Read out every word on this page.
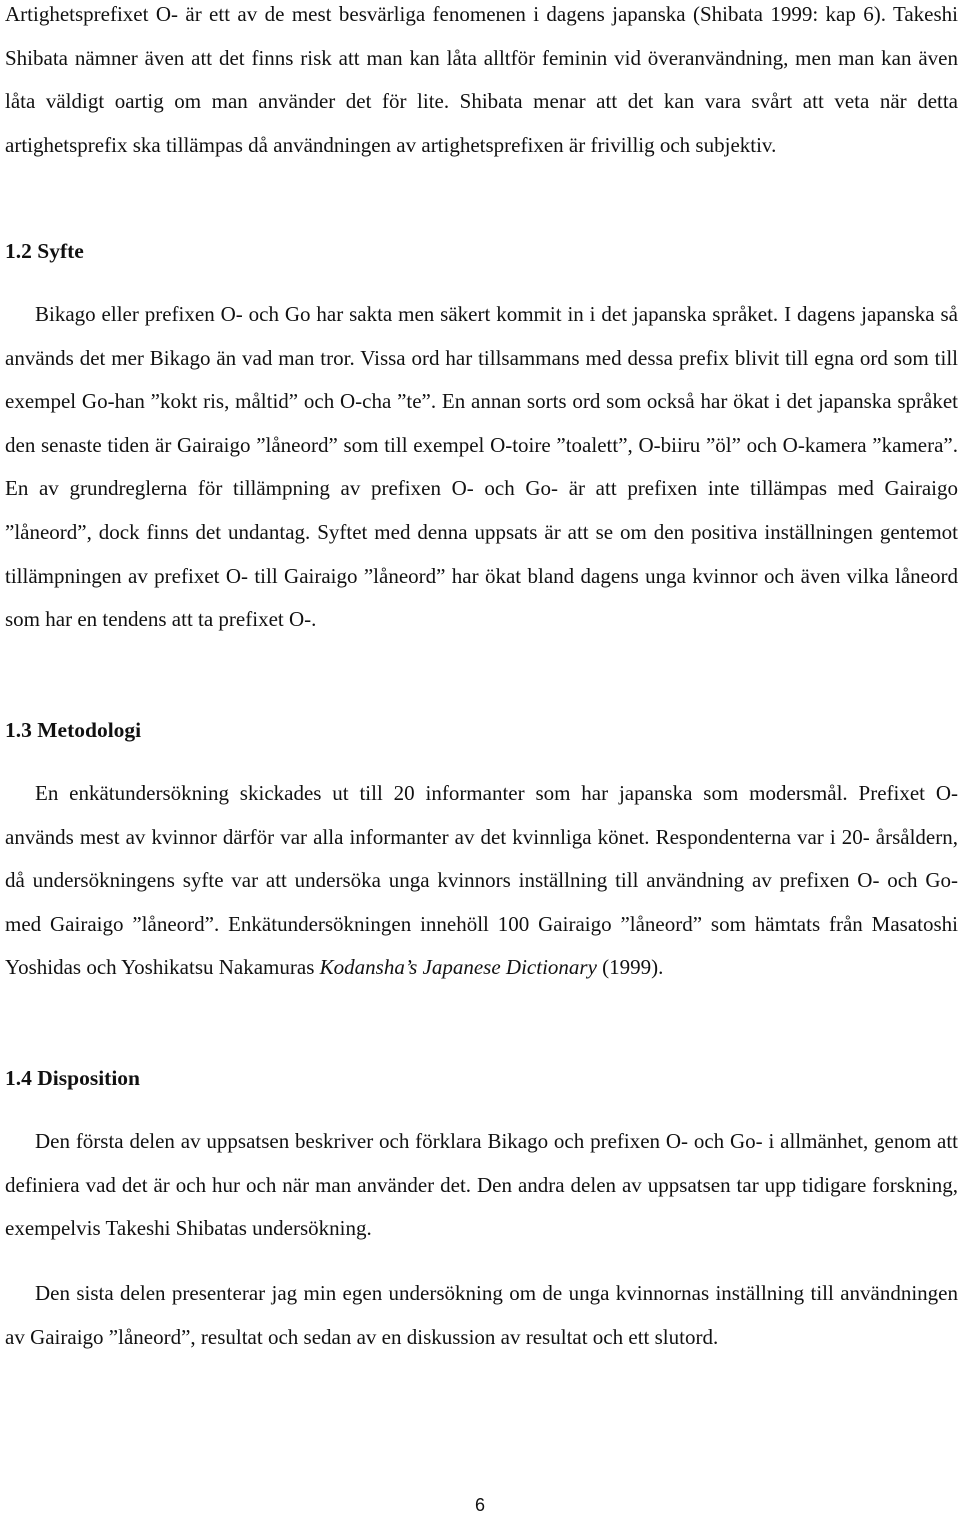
Artighetsprefixet O- är ett av de mest besvärliga fenomenen i dagens japanska (Shibata 1999: kap 6). Takeshi Shibata nämner även att det finns risk att man kan låta alltför feminin vid överanvändning, men man kan även låta väldigt oartig om man använder det för lite. Shibata menar att det kan vara svårt att veta när detta artighetsprefix ska tillämpas då användningen av artighetsprefixen är frivillig och subjektiv.

1.2 Syfte

Bikago eller prefixen O- och Go har sakta men säkert kommit in i det japanska språket. I dagens japanska så används det mer Bikago än vad man tror. Vissa ord har tillsammans med dessa prefix blivit till egna ord som till exempel Go-han ”kokt ris, måltid” och O-cha ”te”. En annan sorts ord som också har ökat i det japanska språket den senaste tiden är Gairaigo ”låneord” som till exempel O-toire ”toalett”, O-biiru ”öl” och O-kamera ”kamera”. En av grundreglerna för tillämpning av prefixen O- och Go- är att prefixen inte tillämpas med Gairaigo ”låneord”, dock finns det undantag. Syftet med denna uppsats är att se om den positiva inställningen gentemot tillämpningen av prefixet O- till Gairaigo ”låneord” har ökat bland dagens unga kvinnor och även vilka låneord som har en tendens att ta prefixet O-.

1.3 Metodologi

En enkätundersökning skickades ut till 20 informanter som har japanska som modersmål. Prefixet O- används mest av kvinnor därför var alla informanter av det kvinnliga könet. Respondenterna var i 20- årsåldern, då undersökningens syfte var att undersöka unga kvinnors inställning till användning av prefixen O- och Go- med Gairaigo ”låneord”. Enkätundersökningen innehöll 100 Gairaigo ”låneord” som hämtats från Masatoshi Yoshidas och Yoshikatsu Nakamuras Kodansha’s Japanese Dictionary (1999).

1.4 Disposition

Den första delen av uppsatsen beskriver och förklara Bikago och prefixen O- och Go- i allmänhet, genom att definiera vad det är och hur och när man använder det. Den andra delen av uppsatsen tar upp tidigare forskning, exempelvis Takeshi Shibatas undersökning.

Den sista delen presenterar jag min egen undersökning om de unga kvinnornas inställning till användningen av Gairaigo ”låneord”, resultat och sedan av en diskussion av resultat och ett slutord.

6
